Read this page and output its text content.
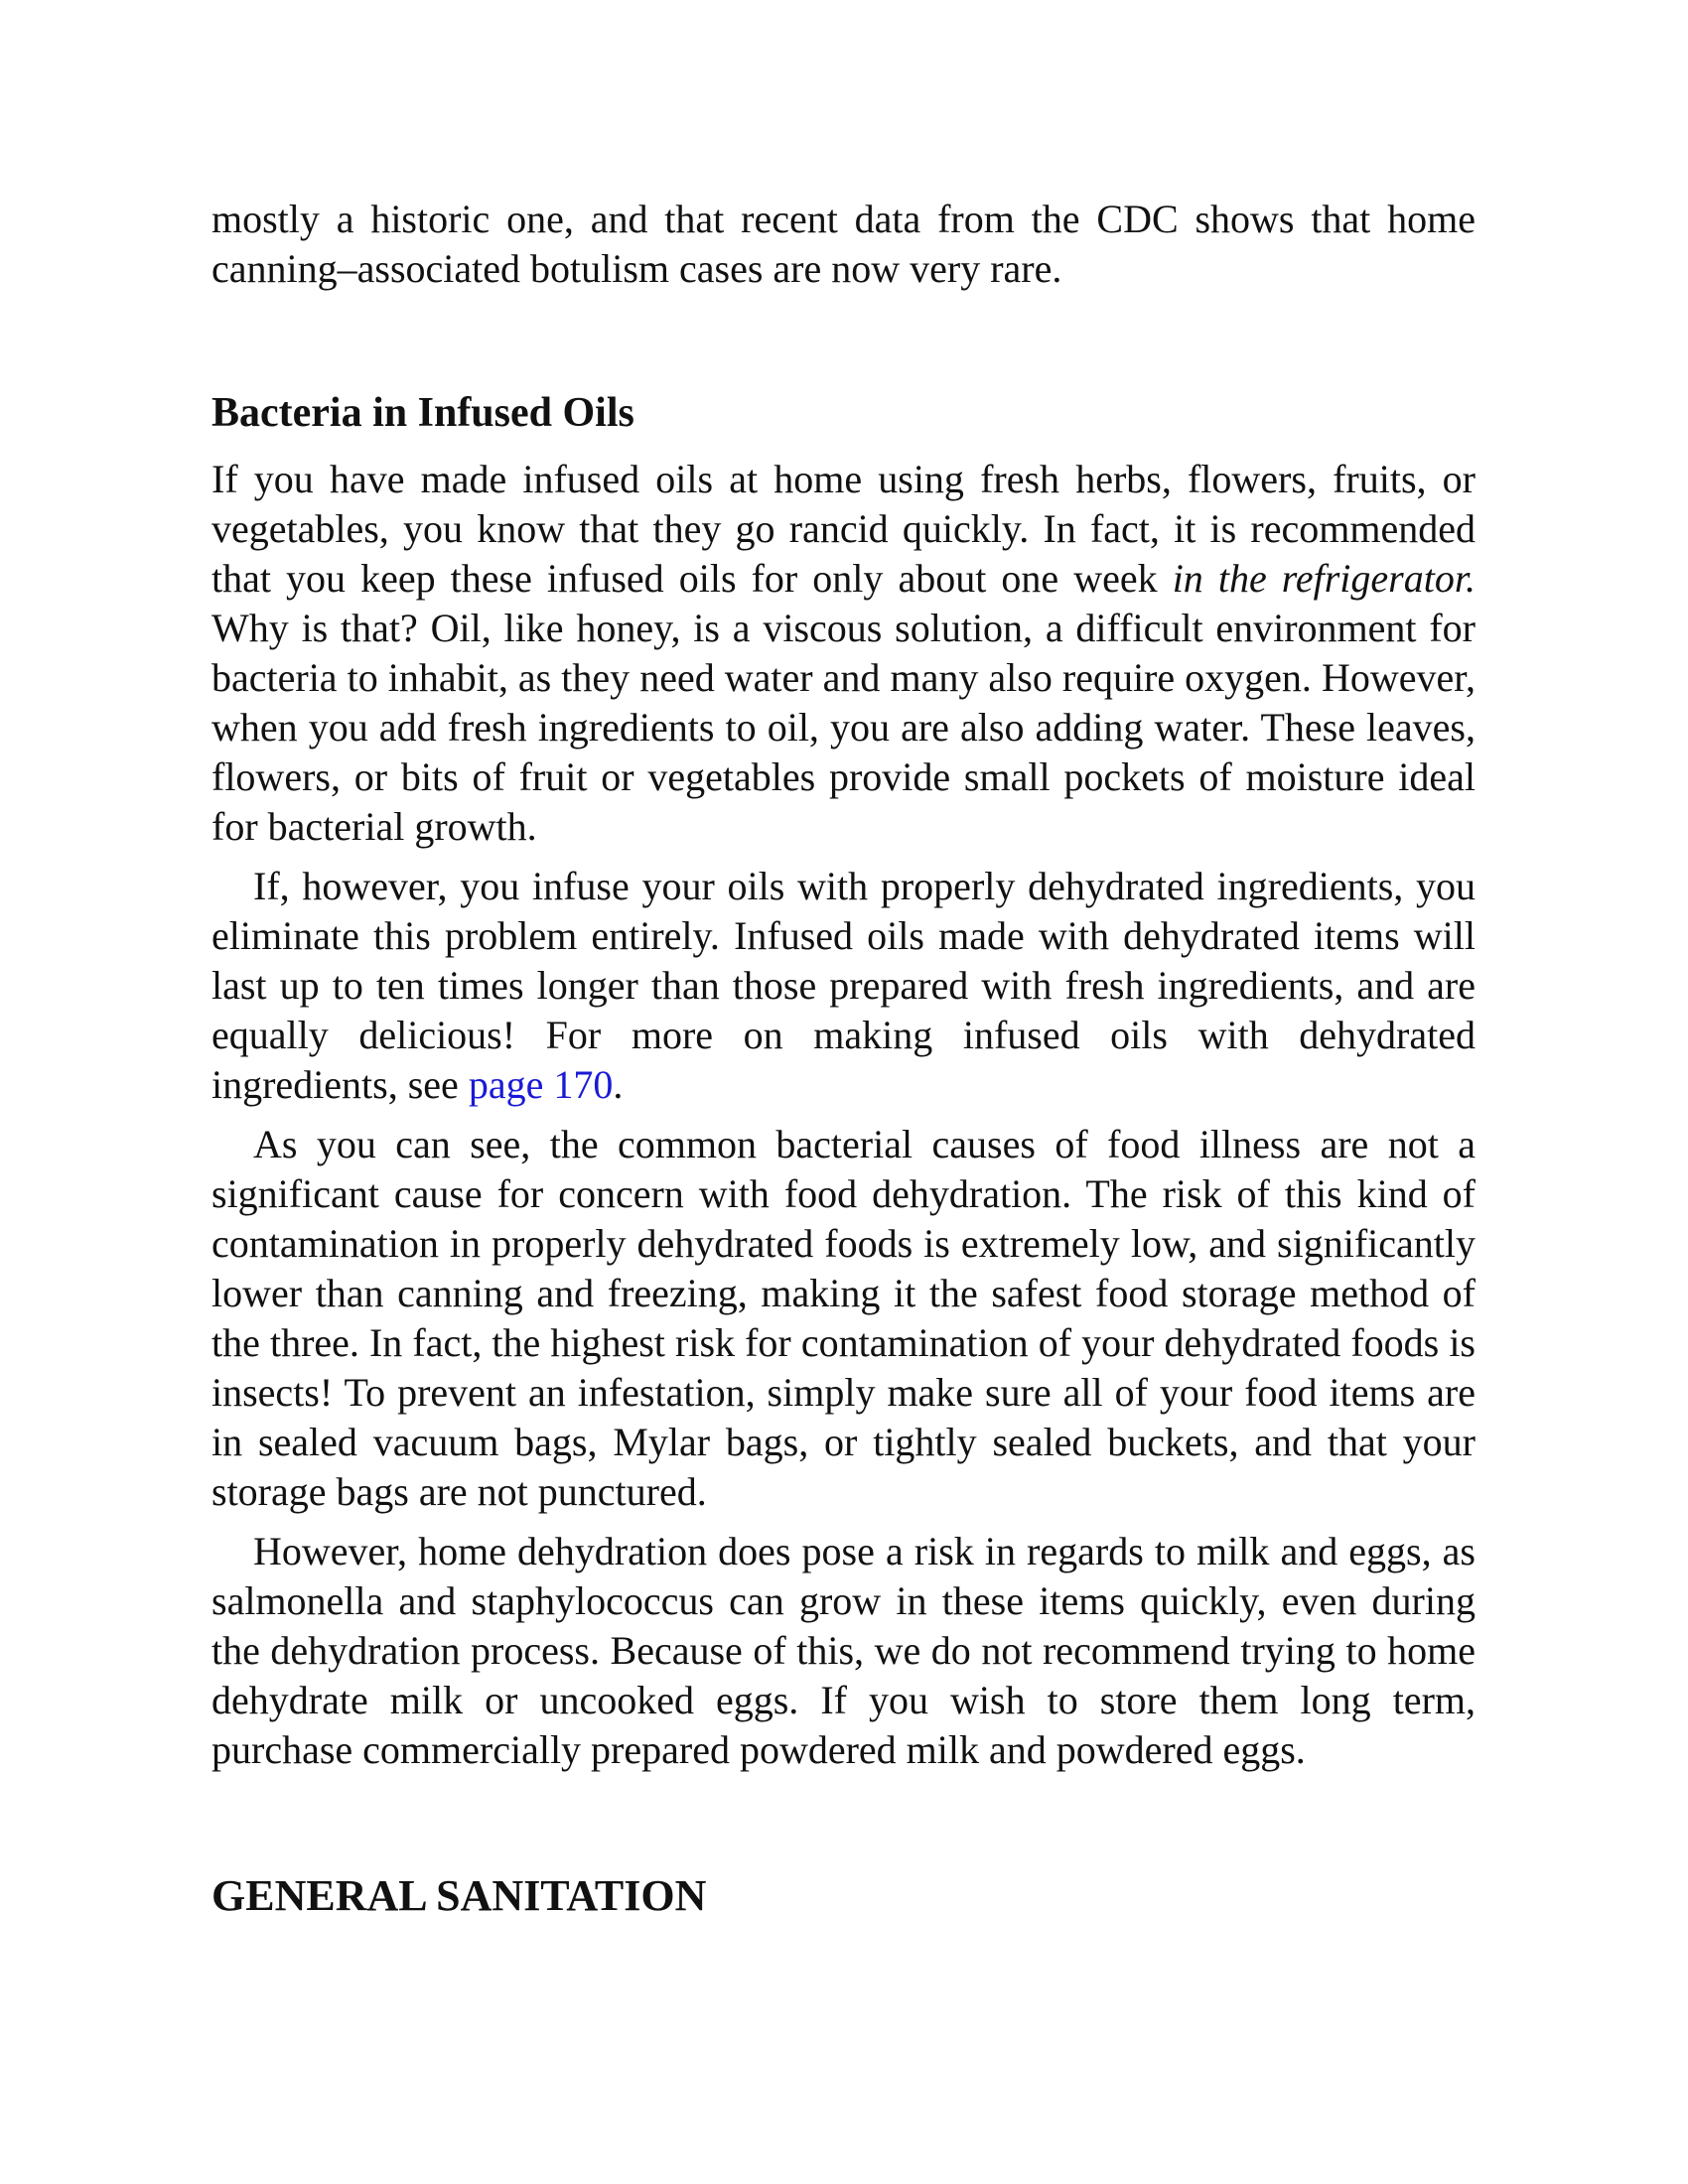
mostly a historic one, and that recent data from the CDC shows that home canning–associated botulism cases are now very rare.

Bacteria in Infused Oils

If you have made infused oils at home using fresh herbs, flowers, fruits, or vegetables, you know that they go rancid quickly. In fact, it is recommended that you keep these infused oils for only about one week in the refrigerator. Why is that? Oil, like honey, is a viscous solution, a difficult environment for bacteria to inhabit, as they need water and many also require oxygen. However, when you add fresh ingredients to oil, you are also adding water. These leaves, flowers, or bits of fruit or vegetables provide small pockets of moisture ideal for bacterial growth.

If, however, you infuse your oils with properly dehydrated ingredients, you eliminate this problem entirely. Infused oils made with dehydrated items will last up to ten times longer than those prepared with fresh ingredients, and are equally delicious! For more on making infused oils with dehydrated ingredients, see page 170.

As you can see, the common bacterial causes of food illness are not a significant cause for concern with food dehydration. The risk of this kind of contamination in properly dehydrated foods is extremely low, and significantly lower than canning and freezing, making it the safest food storage method of the three. In fact, the highest risk for contamination of your dehydrated foods is insects! To prevent an infestation, simply make sure all of your food items are in sealed vacuum bags, Mylar bags, or tightly sealed buckets, and that your storage bags are not punctured.

However, home dehydration does pose a risk in regards to milk and eggs, as salmonella and staphylococcus can grow in these items quickly, even during the dehydration process. Because of this, we do not recommend trying to home dehydrate milk or uncooked eggs. If you wish to store them long term, purchase commercially prepared powdered milk and powdered eggs.

GENERAL SANITATION
